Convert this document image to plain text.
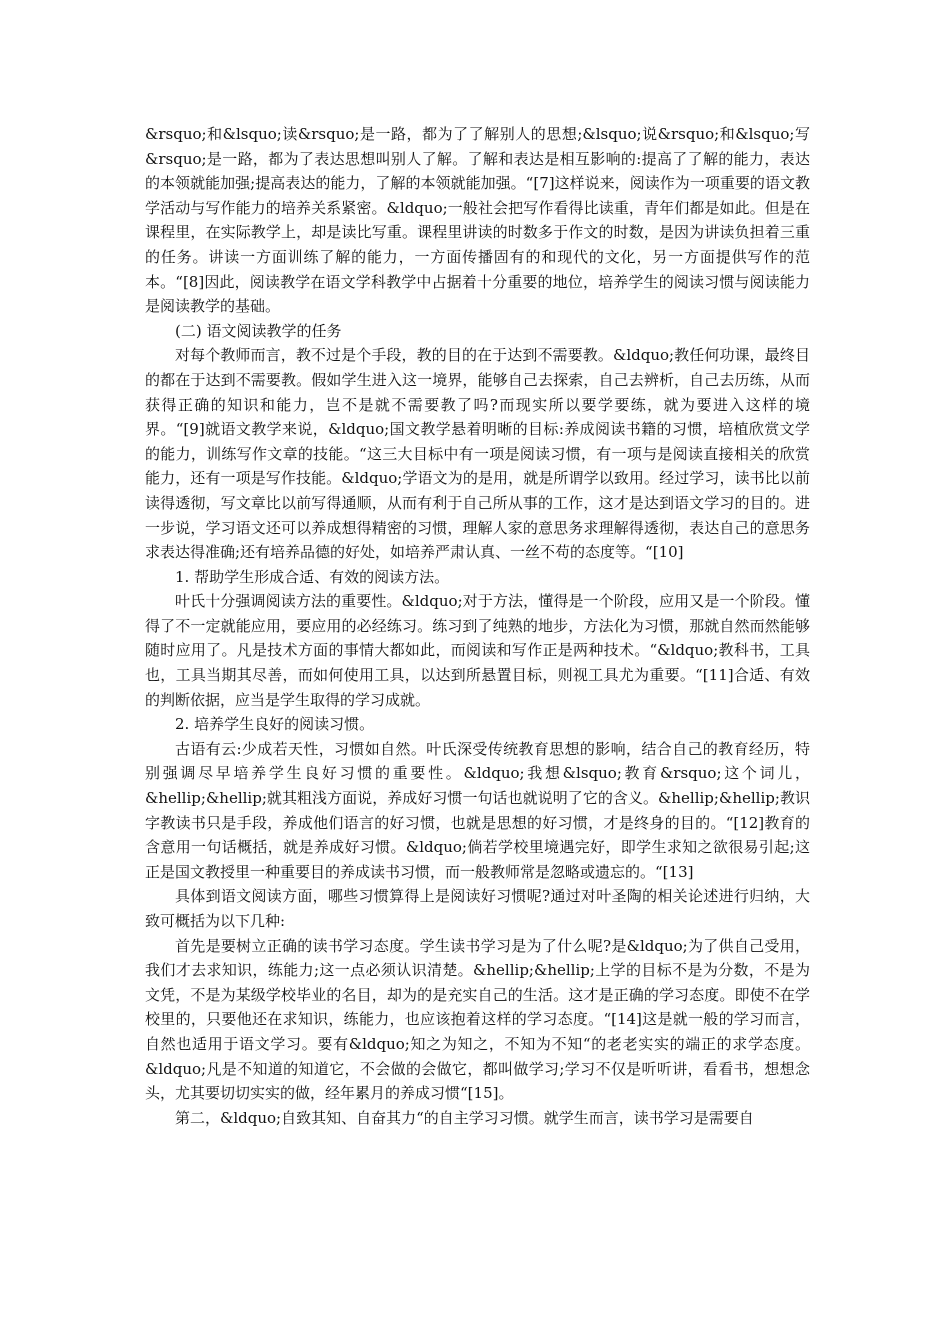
&rsquo;和&lsquo;读&rsquo;是一路，都为了了解别人的思想;&lsquo;说&rsquo;和&lsquo;写&rsquo;是一路，都为了表达思想叫别人了解。了解和表达是相互影响的:提高了了解的能力，表达的本领就能加强;提高表达的能力，了解的本领就能加强。“[7]这样说来，阅读作为一项重要的语文教学活动与写作能力的培养关系紧密。&ldquo;一般社会把写作看得比读重，青年们都是如此。但是在课程里，在实际教学上，却是读比写重。课程里讲读的时数多于作文的时数，是因为讲读负担着三重的任务。讲读一方面训练了解的能力，一方面传播固有的和现代的文化，另一方面提供写作的范本。“[8]因此，阅读教学在语文学科教学中占据着十分重要的地位，培养学生的阅读习惯与阅读能力是阅读教学的基础。

(二) 语文阅读教学的任务

对每个教师而言，教不过是个手段，教的目的在于达到不需要教。&ldquo;教任何功课，最终目的都在于达到不需要教。假如学生进入这一境界，能够自己去探索，自己去辨析，自己去历练，从而获得正确的知识和能力，岂不是就不需要教了吗?而现实所以要学要练，就为要进入这样的境界。“[9]就语文教学来说，&ldquo;国文教学悬着明晰的目标:养成阅读书籍的习惯，培植欣赏文学的能力，训练写作文章的技能。“这三大目标中有一项是阅读习惯，有一项与是阅读直接相关的欣赏能力，还有一项是写作技能。&ldquo;学语文为的是用，就是所谓学以致用。经过学习，读书比以前读得透彻，写文章比以前写得通顺，从而有利于自己所从事的工作，这才是达到语文学习的目的。进一步说，学习语文还可以养成想得精密的习惯，理解人家的意思务求理解得透彻，表达自己的意思务求表达得准确;还有培养品德的好处，如培养严肃认真、一丝不苟的态度等。“[10]

1. 帮助学生形成合适、有效的阅读方法。

叶氏十分强调阅读方法的重要性。&ldquo;对于方法，懂得是一个阶段，应用又是一个阶段。懂得了不一定就能应用，要应用的必经练习。练习到了纯熟的地步，方法化为习惯，那就自然而然能够随时应用了。凡是技术方面的事情大都如此，而阅读和写作正是两种技术。“&ldquo;教科书，工具也，工具当期其尽善，而如何使用工具，以达到所悬置目标，则视工具尤为重要。“[11]合适、有效的判断依据，应当是学生取得的学习成就。

2. 培养学生良好的阅读习惯。

古语有云:少成若天性，习惯如自然。叶氏深受传统教育思想的影响，结合自己的教育经历，特别强调尽早培养学生良好习惯的重要性。&ldquo;我想&lsquo;教育&rsquo;这个词儿，&hellip;&hellip;就其粗浅方面说，养成好习惯一句话也就说明了它的含义。&hellip;&hellip;教识字教读书只是手段，养成他们语言的好习惯，也就是思想的好习惯，才是终身的目的。“[12]教育的含意用一句话概括，就是养成好习惯。&ldquo;倘若学校里境遇完好，即学生求知之欲很易引起;这正是国文教授里一种重要目的养成读书习惯，而一般教师常是忽略或遗忘的。“[13]

具体到语文阅读方面，哪些习惯算得上是阅读好习惯呢?通过对叶圣陶的相关论述进行归纳，大致可概括为以下几种:

首先是要树立正确的读书学习态度。学生读书学习是为了什么呢?是&ldquo;为了供自己受用，我们才去求知识，练能力;这一点必须认识清楚。&hellip;&hellip;上学的目标不是为分数，不是为文凭，不是为某级学校毕业的名目，却为的是充实自己的生活。这才是正确的学习态度。即使不在学校里的，只要他还在求知识，练能力，也应该抱着这样的学习态度。“[14]这是就一般的学习而言，自然也适用于语文学习。要有&ldquo;知之为知之，不知为不知“的老老实实的端正的求学态度。&ldquo;凡是不知道的知道它，不会做的会做它，都叫做学习;学习不仅是听听讲，看看书，想想念头，尤其要切切实实的做，经年累月的养成习惯“[15]。

第二，&ldquo;自致其知、自奋其力“的自主学习习惯。就学生而言，读书学习是需要自
